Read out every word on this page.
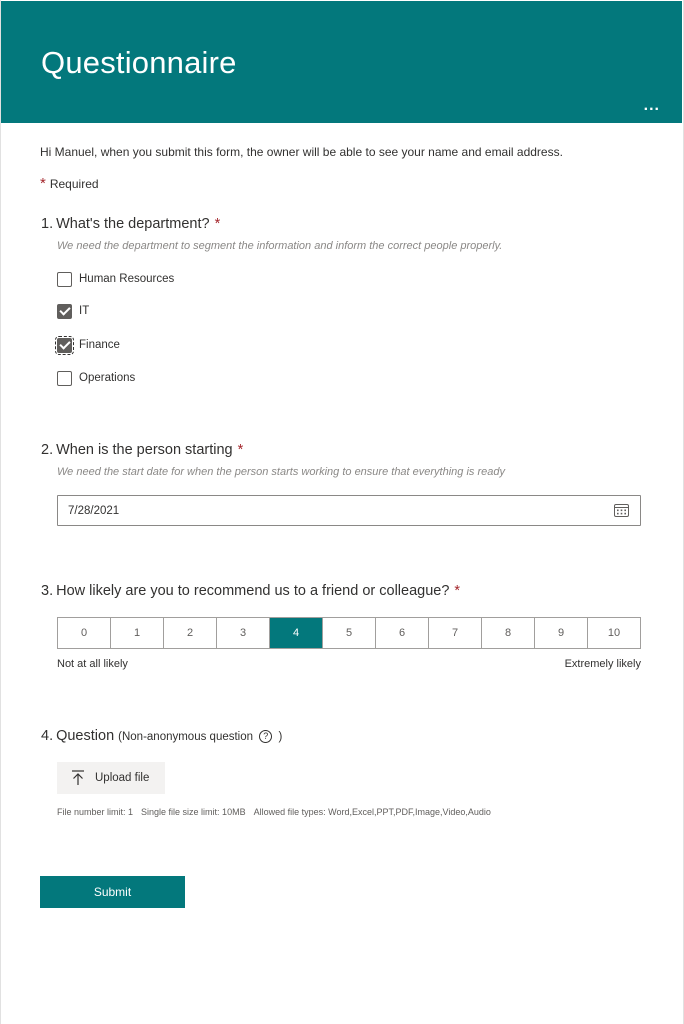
Questionnaire
...
Hi Manuel, when you submit this form, the owner will be able to see your name and email address.
* Required
1. What's the department? *
We need the department to segment the information and inform the correct people properly.
Human Resources
IT
Finance
Operations
2. When is the person starting *
We need the start date for when the person starts working to ensure that everything is ready
7/28/2021
3. How likely are you to recommend us to a friend or colleague? *
0	1	2	3	4	5	6	7	8	9	10
Not at all likely	Extremely likely
4. Question (Non-anonymous question ? )
Upload file
File number limit: 1 Single file size limit: 10MB Allowed file types: Word,Excel,PPT,PDF,Image,Video,Audio
Submit
